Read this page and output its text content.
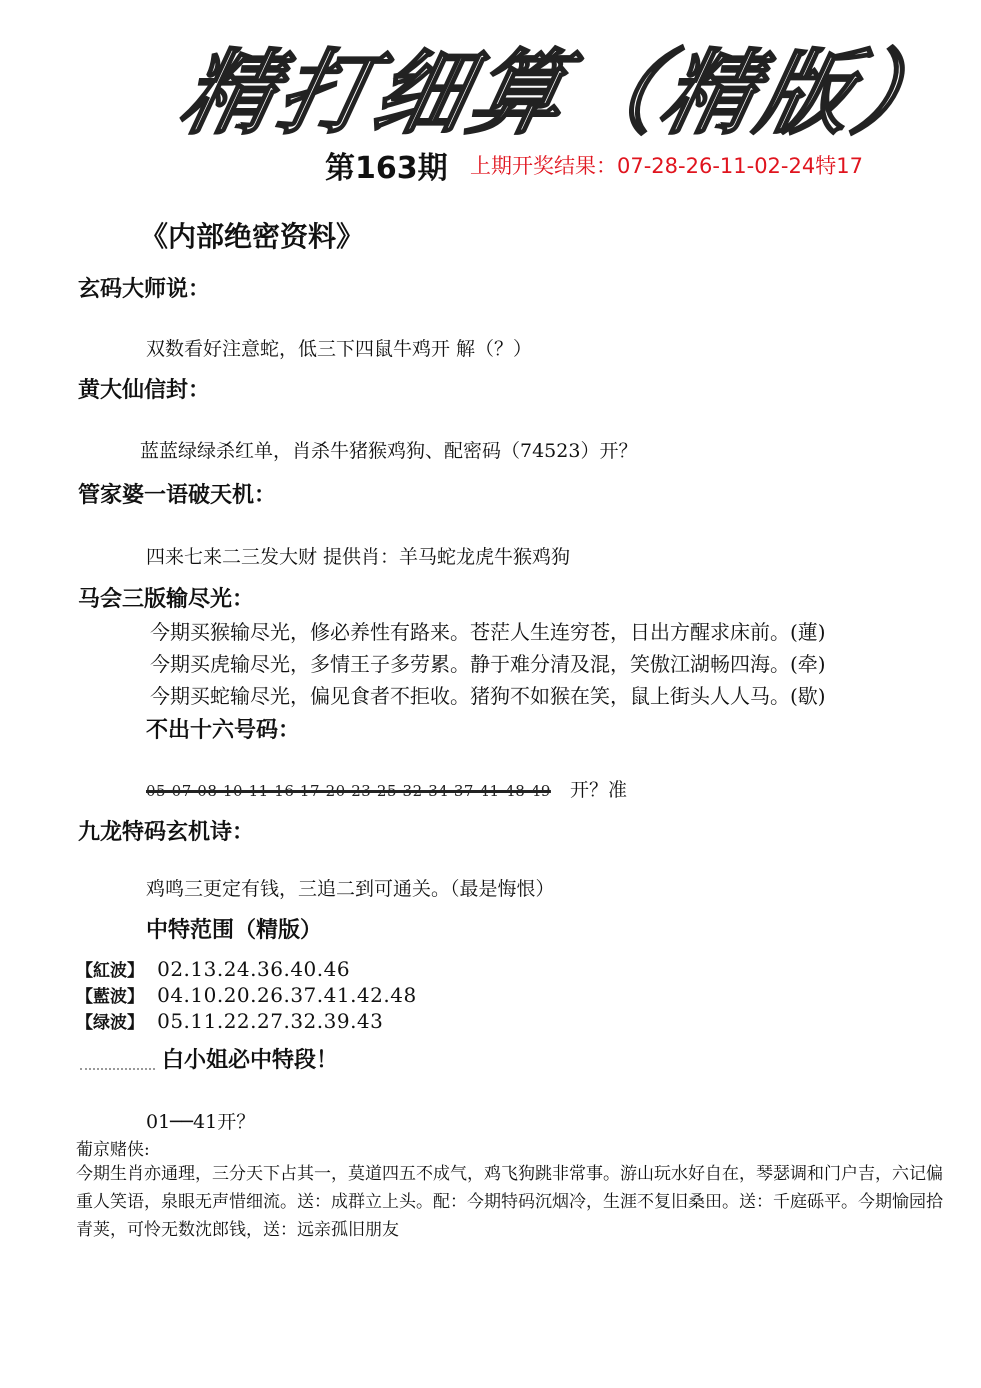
精打细算（精版）
第163期 上期开奖结果：07-28-26-11-02-24特17
《内部绝密资料》
玄码大师说：
双数看好注意蛇，低三下四鼠牛鸡开 解（？）
黄大仙信封：
蓝蓝绿绿杀红单，肖杀牛猪猴鸡狗、配密码（74523）开？
管家婆一语破天机：
四来七来二三发大财 提供肖：羊马蛇龙虎牛猴鸡狗
马会三版输尽光：
今期买猴输尽光，修必养性有路来。苍茫人生连穷苍，日出方醒求床前。(蓮)
今期买虎输尽光，多情王子多劳累。静于难分清及混，笑傲江湖畅四海。(牵)
今期买蛇输尽光，偏见食者不拒收。猪狗不如猴在笑，鼠上街头人人马。(歇)
不出十六号码：
05-07-08-10-11-16-17-20-23-25-32-34-37-41-48-49 开？准
九龙特码玄机诗：
鸡鸣三更定有钱，三追二到可通关。（最是悔恨）
中特范围（精版）
【紅波】 02.13.24.36.40.46
【藍波】 04.10.20.26.37.41.42.48
【绿波】 05.11.22.27.32.39.43
白小姐必中特段！
01──41开？
葡京赌侠:
今期生肖亦通理，三分天下占其一，莫道四五不成气，鸡飞狗跳非常事。游山玩水好自在，琴瑟调和门户吉，六记偏重人笑语，泉眼无声惜细流。送：成群立上头。配：今期特码沉烟冷，生涯不复旧桑田。送：千庭砾平。今期愉园拾青荚，可怜无数沈郎钱，送：远亲孤旧朋友
